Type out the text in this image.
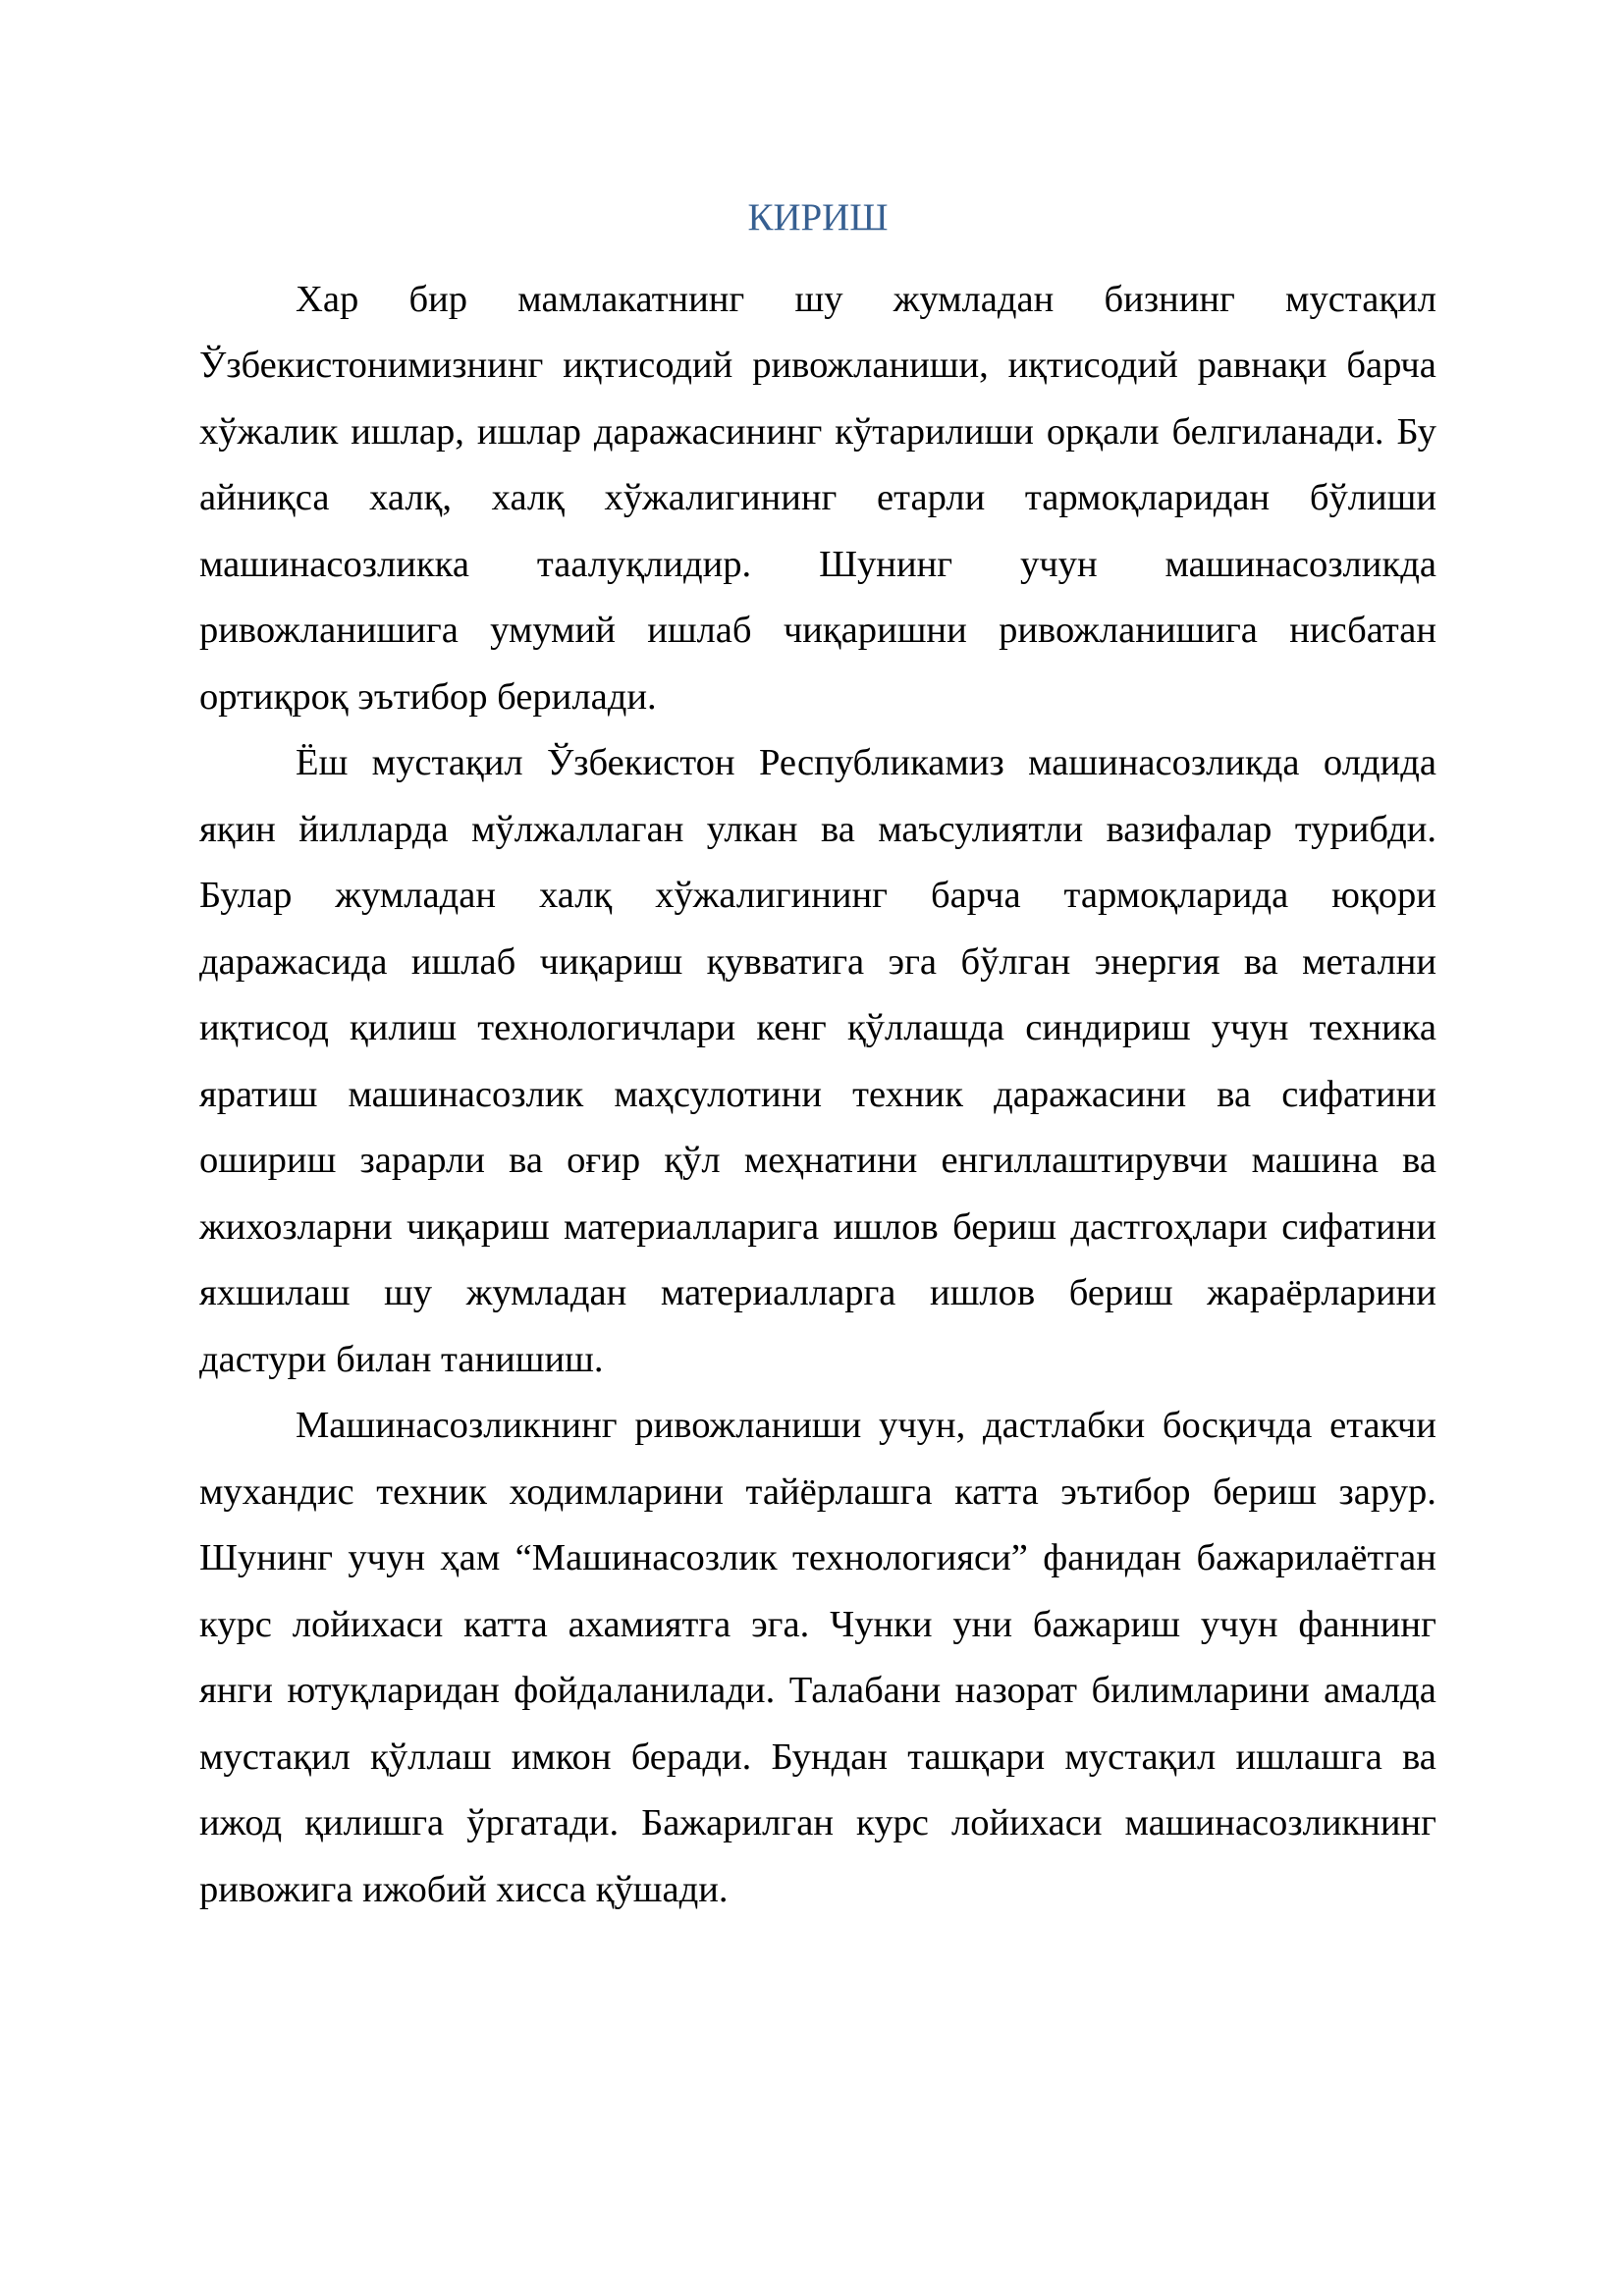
КИРИШ
Хар бир мамлакатнинг шу жумладан бизнинг мустақил
Ўзбекистонимизнинг иқтисодий ривожланиши, иқтисодий равнақи барча
хўжалик ишлар, ишлар даражасининг кўтарилиши орқали белгиланади. Бу
айниқса халқ, халқ хўжалигининг етарли тармоқларидан бўлиши
машинасозликка таалуқлидир. Шунинг учун машинасозликда
ривожланишига умумий ишлаб чиқаришни ривожланишига нисбатан
ортиқроқ эътибор берилади.
Ёш мустақил Ўзбекистон Республикамиз машинасозликда олдида
яқин йилларда мўлжаллаган улкан ва маъсулиятли вазифалар турибди.
Булар жумладан халқ хўжалигининг барча тармоқларида юқори
даражасида ишлаб чиқариш қувватига эга бўлган энергия ва метални
иқтисод қилиш технологичлари кенг қўллашда синдириш учун техника
яратиш машинасозлик маҳсулотини техник даражасини ва сифатини
ошириш зарарли ва оғир қўл меҳнатини енгиллаштирувчи машина ва
жихозларни чиқариш материалларига ишлов бериш дастгоҳлари сифатини
яхшилаш шу жумладан материалларга ишлов бериш жараёрларини
дастури билан танишиш.
Машинасозликнинг ривожланиши учун, дастлабки босқичда етакчи
мухандис техник ходимларини тайёрлашга катта эътибор бериш зарур.
Шунинг учун ҳам “Машинасозлик технологияси” фанидан бажарилаётган
курс лойихаси катта ахамиятга эга. Чунки уни бажариш учун фаннинг
янги ютуқларидан фойдаланилади. Талабани назорат билимларини амалда
мустақил қўллаш имкон беради. Бундан ташқари мустақил ишлашга ва
ижод қилишга ўргатади. Бажарилган курс лойихаси машинасозликнинг
ривожига ижобий хисса қўшади.
